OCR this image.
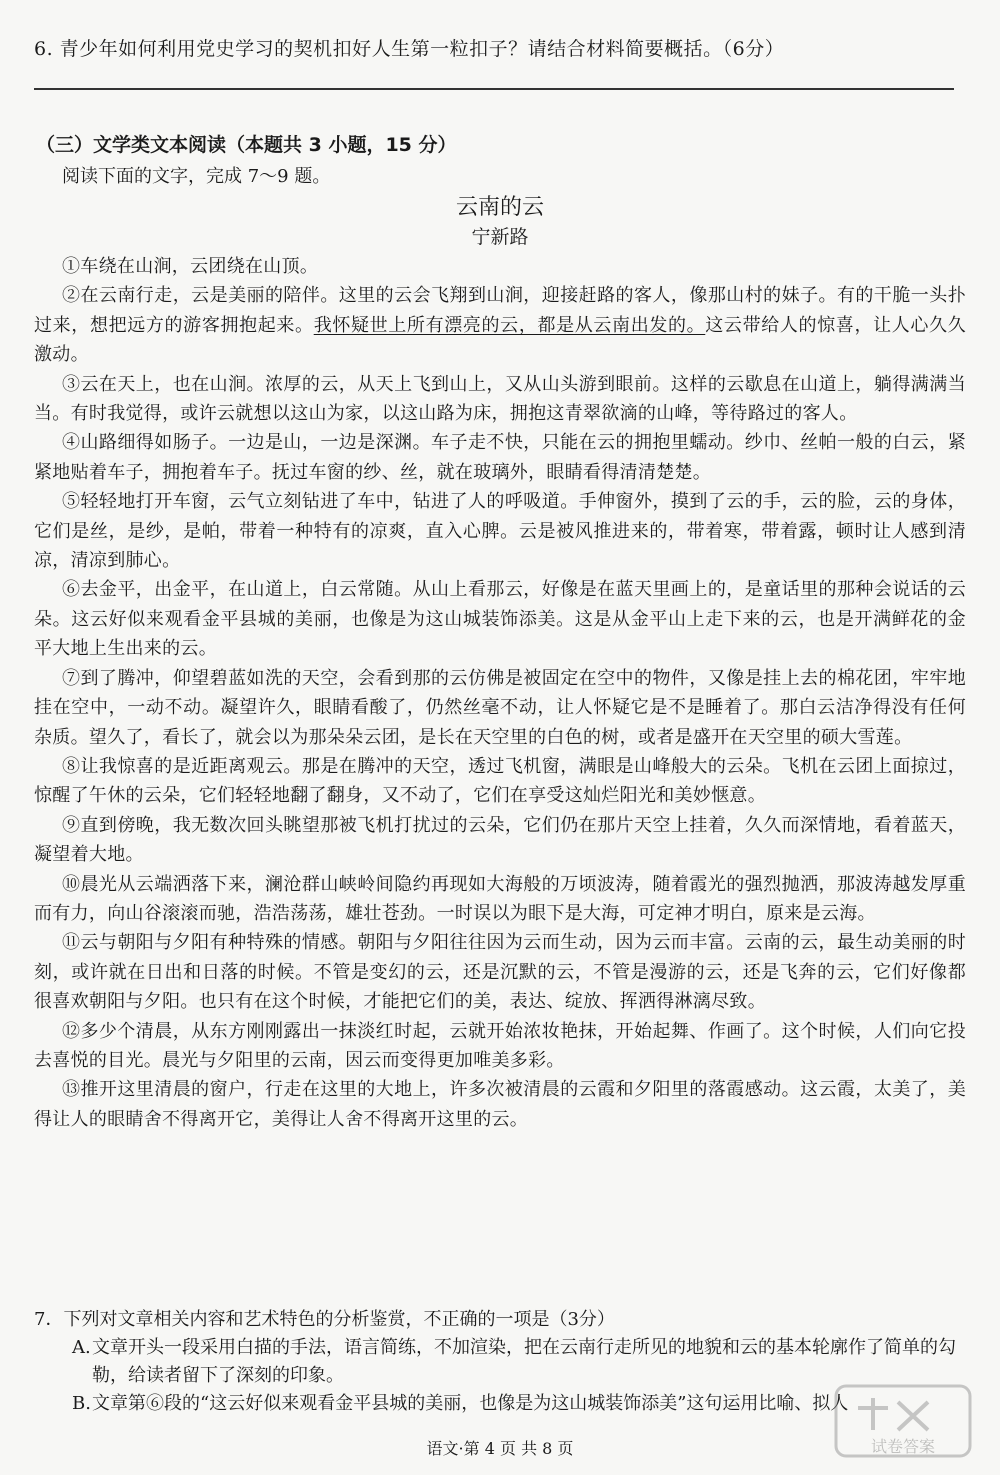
6. 青少年如何利用党史学习的契机扣好人生第一粒扣子？请结合材料简要概括。（6分）
（三）文学类文本阅读（本题共 3 小题，15 分）
阅读下面的文字，完成 7～9 题。
云南的云
宁新路

①车绕在山涧，云团绕在山顶。

②在云南行走，云是美丽的陪伴。这里的云会飞翔到山涧，迎接赶路的客人，像那山村的妹子。有的干脆一头扑过来，想把远方的游客拥抱起来。我怀疑世上所有漂亮的云，都是从云南出发的。这云带给人的惊喜，让人心久久激动。

③云在天上，也在山涧。浓厚的云，从天上飞到山上，又从山头游到眼前。这样的云歇息在山道上，躺得满满当当。有时我觉得，或许云就想以这山为家，以这山路为床，拥抱这青翠欲滴的山峰，等待路过的客人。

④山路细得如肠子。一边是山，一边是深渊。车子走不快，只能在云的拥抱里蠕动。纱巾、丝帕一般的白云，紧紧地贴着车子，拥抱着车子。抚过车窗的纱、丝，就在玻璃外，眼睛看得清清楚楚。

⑤轻轻地打开车窗，云气立刻钻进了车中，钻进了人的呼吸道。手伸窗外，摸到了云的手，云的脸，云的身体，它们是丝，是纱，是帕，带着一种特有的凉爽，直入心脾。云是被风推进来的，带着寒，带着露，顿时让人感到清凉，清凉到肺心。

⑥去金平，出金平，在山道上，白云常随。从山上看那云，好像是在蓝天里画上的，是童话里的那种会说话的云朵。这云好似来观看金平县城的美丽，也像是为这山城装饰添美。这是从金平山上走下来的云，也是开满鲜花的金平大地上生出来的云。

⑦到了腾冲，仰望碧蓝如洗的天空，会看到那的云仿佛是被固定在空中的物件，又像是挂上去的棉花团，牢牢地挂在空中，一动不动。凝望许久，眼睛看酸了，仍然丝毫不动，让人怀疑它是不是睡着了。那白云洁净得没有任何杂质。望久了，看长了，就会以为那朵朵云团，是长在天空里的白色的树，或者是盛开在天空里的硕大雪莲。

⑧让我惊喜的是近距离观云。那是在腾冲的天空，透过飞机窗，满眼是山峰般大的云朵。飞机在云团上面掠过，惊醒了午休的云朵，它们轻轻地翻了翻身，又不动了，它们在享受这灿烂阳光和美妙惬意。

⑨直到傍晚，我无数次回头眺望那被飞机打扰过的云朵，它们仍在那片天空上挂着，久久而深情地，看着蓝天，凝望着大地。

⑩晨光从云端洒落下来，澜沧群山峡岭间隐约再现如大海般的万顷波涛，随着霞光的强烈抛洒，那波涛越发厚重而有力，向山谷滚滚而驰，浩浩荡荡，雄壮苍劲。一时误以为眼下是大海，可定神才明白，原来是云海。

⑪云与朝阳与夕阳有种特殊的情感。朝阳与夕阳往往因为云而生动，因为云而丰富。云南的云，最生动美丽的时刻，或许就在日出和日落的时候。不管是变幻的云，还是沉默的云，不管是漫游的云，还是飞奔的云，它们好像都很喜欢朝阳与夕阳。也只有在这个时候，才能把它们的美，表达、绽放、挥洒得淋漓尽致。

⑫多少个清晨，从东方刚刚露出一抹淡红时起，云就开始浓妆艳抹，开始起舞、作画了。这个时候，人们向它投去喜悦的目光。晨光与夕阳里的云南，因云而变得更加唯美多彩。

⑬推开这里清晨的窗户，行走在这里的大地上，许多次被清晨的云霞和夕阳里的落霞感动。这云霞，太美了，美得让人的眼睛舍不得离开它，美得让人舍不得离开这里的云。

7．下列对文章相关内容和艺术特色的分析鉴赏，不正确的一项是（3分）
A. 文章开头一段采用白描的手法，语言简练，不加渲染，把在云南行走所见的地貌和云的基本轮廓作了简单的勾勒，给读者留下了深刻的印象。
B. 文章第⑥段的“这云好似来观看金平县城的美丽，也像是为这山城装饰添美”这句运用比喻、拟人
语文·第 4 页 共 8 页	试卷答案
